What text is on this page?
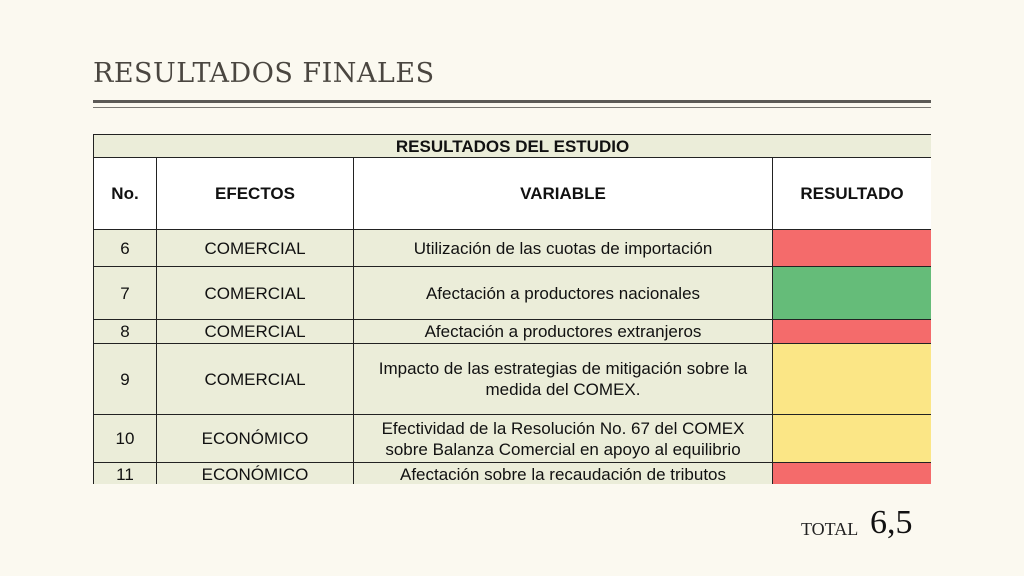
RESULTADOS FINALES
RESULTADOS DEL ESTUDIO			
No.	EFECTOS	VARIABLE	RESULTADO
6	COMERCIAL	Utilización de las cuotas de importación	
7	COMERCIAL	Afectación a productores nacionales	
8	COMERCIAL	Afectación a productores extranjeros	
9	COMERCIAL	Impacto de las estrategias de mitigación sobre la medida del COMEX.	
10	ECONÓMICO	Efectividad de la Resolución No. 67 del COMEX sobre Balanza Comercial en apoyo al equilibrio	
11	ECONÓMICO	Afectación sobre la recaudación de tributos	
TOTAL 6,5
